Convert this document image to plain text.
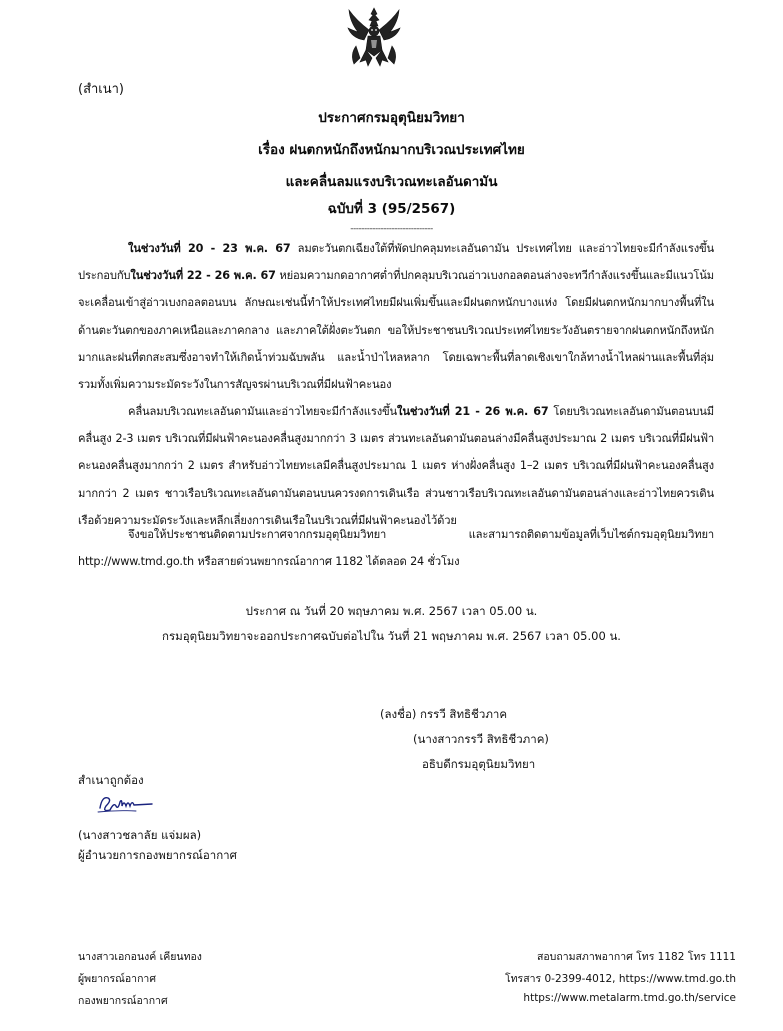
(สำเนา)
ประกาศกรมอุตุนิยมวิทยา
เรื่อง ฝนตกหนักถึงหนักมากบริเวณประเทศไทย
และคลื่นลมแรงบริเวณทะเลอันดามัน
ฉบับที่ 3 (95/2567)
------------------------------
ในช่วงวันที่ 20 - 23 พ.ค. 67 ลมตะวันตกเฉียงใต้ที่พัดปกคลุมทะเลอันดามัน ประเทศไทย และอ่าวไทยจะมีกำลังแรงขึ้น ประกอบกับในช่วงวันที่ 22 - 26 พ.ค. 67 หย่อมความกดอากาศต่ำที่ปกคลุมบริเวณอ่าวเบงกอลตอนล่างจะทวีกำลังแรงขึ้นและมีแนวโน้มจะเคลื่อนเข้าสู่อ่าวเบงกอลตอนบน ลักษณะเช่นนี้ทำให้ประเทศไทยมีฝนเพิ่มขึ้นและมีฝนตกหนักบางแห่ง โดยมีฝนตกหนักมากบางพื้นที่ในด้านตะวันตกของภาคเหนือและภาคกลาง และภาคใต้ฝั่งตะวันตก ขอให้ประชาชนบริเวณประเทศไทยระวังอันตรายจากฝนตกหนักถึงหนักมากและฝนที่ตกสะสมซึ่งอาจทำให้เกิดน้ำท่วมฉับพลัน และน้ำป่าไหลหลาก โดยเฉพาะพื้นที่ลาดเชิงเขาใกล้ทางน้ำไหลผ่านและพื้นที่ลุ่ม รวมทั้งเพิ่มความระมัดระวังในการสัญจรผ่านบริเวณที่มีฝนฟ้าคะนอง
คลื่นลมบริเวณทะเลอันดามันและอ่าวไทยจะมีกำลังแรงขึ้นในช่วงวันที่ 21 - 26 พ.ค. 67 โดยบริเวณทะเลอันดามันตอนบนมีคลื่นสูง 2-3 เมตร บริเวณที่มีฝนฟ้าคะนองคลื่นสูงมากกว่า 3 เมตร ส่วนทะเลอันดามันตอนล่างมีคลื่นสูงประมาณ 2 เมตร บริเวณที่มีฝนฟ้าคะนองคลื่นสูงมากกว่า 2 เมตร สำหรับอ่าวไทยทะเลมีคลื่นสูงประมาณ 1 เมตร ห่างฝั่งคลื่นสูง 1–2 เมตร บริเวณที่มีฝนฟ้าคะนองคลื่นสูงมากกว่า 2 เมตร ชาวเรือบริเวณทะเลอันดามันตอนบนควรงดการเดินเรือ ส่วนชาวเรือบริเวณทะเลอันดามันตอนล่างและอ่าวไทยควรเดินเรือด้วยความระมัดระวังและหลีกเลี่ยงการเดินเรือในบริเวณที่มีฝนฟ้าคะนองไว้ด้วย
จึงขอให้ประชาชนติดตามประกาศจากกรมอุตุนิยมวิทยา และสามารถติดตามข้อมูลที่เว็บไซต์กรมอุตุนิยมวิทยา http://www.tmd.go.th หรือสายด่วนพยากรณ์อากาศ 1182 ได้ตลอด 24 ชั่วโมง
ประกาศ ณ วันที่ 20 พฤษภาคม พ.ศ. 2567 เวลา 05.00 น.
กรมอุตุนิยมวิทยาจะออกประกาศฉบับต่อไปใน วันที่ 21 พฤษภาคม พ.ศ. 2567 เวลา 05.00 น.
(ลงชื่อ) กรรวี สิทธิชีวภาค
(นางสาวกรรวี สิทธิชีวภาค)
อธิบดีกรมอุตุนิยมวิทยา
สำเนาถูกต้อง
(นางสาวชลาลัย แจ่มผล)
ผู้อำนวยการกองพยากรณ์อากาศ
นางสาวเอกอนงค์ เคียนทอง
ผู้พยากรณ์อากาศ
กองพยากรณ์อากาศ
สอบถามสภาพอากาศ โทร 1182 โทร 1111
โทรสาร 0-2399-4012, https://www.tmd.go.th
https://www.metalarm.tmd.go.th/service
